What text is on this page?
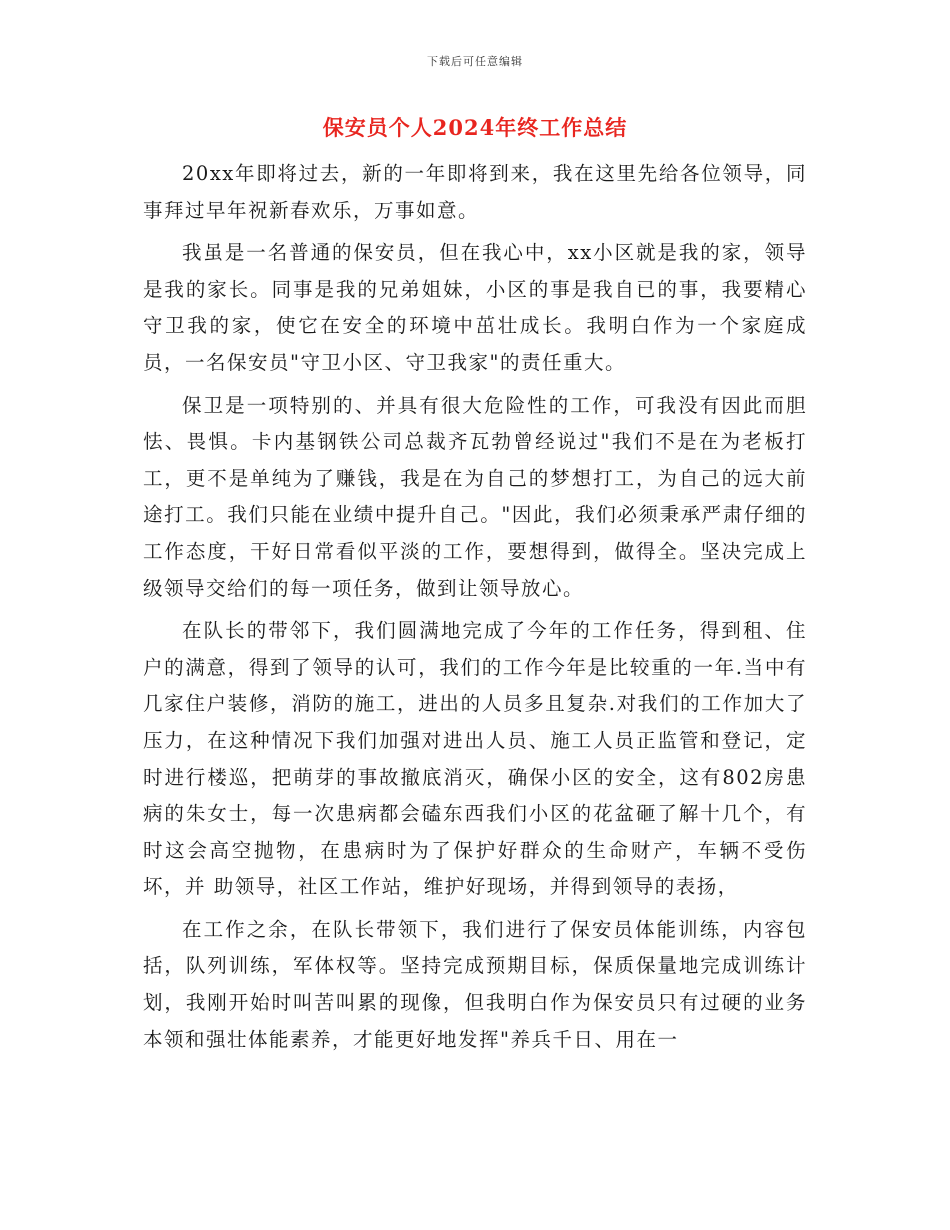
下载后可任意编辑
保安员个人2024年终工作总结

20xx年即将过去，新的一年即将到来，我在这里先给各位领导，同事拜过早年祝新春欢乐，万事如意。

我虽是一名普通的保安员，但在我心中，xx小区就是我的家，领导是我的家长。同事是我的兄弟姐妹，小区的事是我自已的事，我要精心守卫我的家，使它在安全的环境中茁壮成长。我明白作为一个家庭成员，一名保安员"守卫小区、守卫我家"的责任重大。

保卫是一项特别的、并具有很大危险性的工作，可我没有因此而胆怯、畏惧。卡内基钢铁公司总裁齐瓦勃曾经说过"我们不是在为老板打工，更不是单纯为了赚钱，我是在为自己的梦想打工，为自己的远大前途打工。我们只能在业绩中提升自己。"因此，我们必须秉承严肃仔细的工作态度，干好日常看似平淡的工作，要想得到，做得全。坚决完成上级领导交给们的每一项任务，做到让领导放心。

在队长的带邻下，我们圆满地完成了今年的工作任务，得到租、住户的满意，得到了领导的认可，我们的工作今年是比较重的一年.当中有几家住户装修，消防的施工，进出的人员多且复杂.对我们的工作加大了压力，在这种情况下我们加强对进出人员、施工人员正监管和登记，定时进行楼巡，把萌芽的事故撤底消灭，确保小区的安全，这有802房患病的朱女士，每一次患病都会磕东西我们小区的花盆砸了解十几个，有时这会高空抛物，在患病时为了保护好群众的生命财产，车辆不受伤坏，并 助领导，社区工作站，维护好现场，并得到领导的表扬，

在工作之余，在队长带领下，我们进行了保安员体能训练，内容包括，队列训练，军体权等。坚持完成预期目标，保质保量地完成训练计划，我刚开始时叫苦叫累的现像，但我明白作为保安员只有过硬的业务本领和强壮体能素养，才能更好地发挥"养兵千日、用在一
